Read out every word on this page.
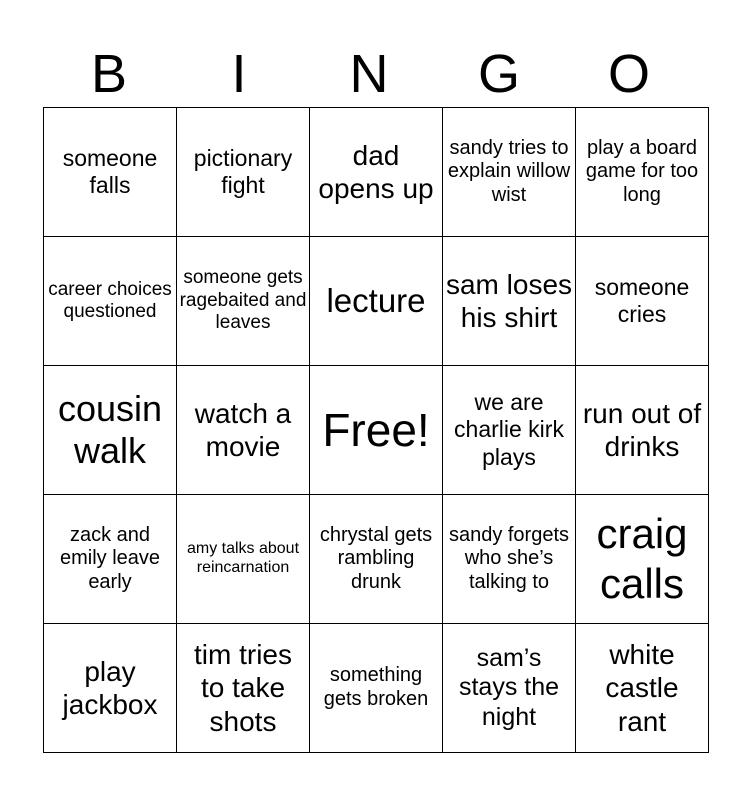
B	I	N	G	O
someone falls	pictionary fight	dad opens up	sandy tries to explain willow wist	play a board game for too long
career choices questioned	someone gets ragebaited and leaves	lecture	sam loses his shirt	someone cries
cousin walk	watch a movie	Free!	we are charlie kirk plays	run out of drinks
zack and emily leave early	amy talks about reincarnation	chrystal gets rambling drunk	sandy forgets who she’s talking to	craig calls
play jackbox	tim tries to take shots	something gets broken	sam’s stays the night	white castle rant
